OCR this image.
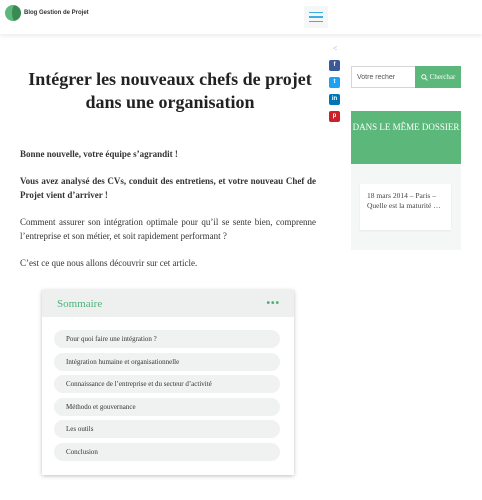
Blog Gestion de Projet
Intégrer les nouveaux chefs de projet dans une organisation
<
f
t
in
p

Bonne nouvelle, votre équipe s’agrandit !

Vous avez analysé des CVs, conduit des entretiens, et votre nouveau Chef de Projet vient d’arriver !

Comment assurer son intégration optimale pour qu’il se sente bien, comprenne l’entreprise et son métier, et soit rapidement performant ?

C’est ce que nous allons découvrir sur cet article.

Sommaire	•••
Pour quoi faire une intégration ?
Intégration humaine et organisationnelle
Connaissance de l’entreprise et du secteur d’activité
Méthodo et gouvernance
Les outils
Conclusion
Votre recher
Cherchar
DANS LE MÊME DOSSIER
18 mars 2014 – Paris – Quelle est la maturité …
